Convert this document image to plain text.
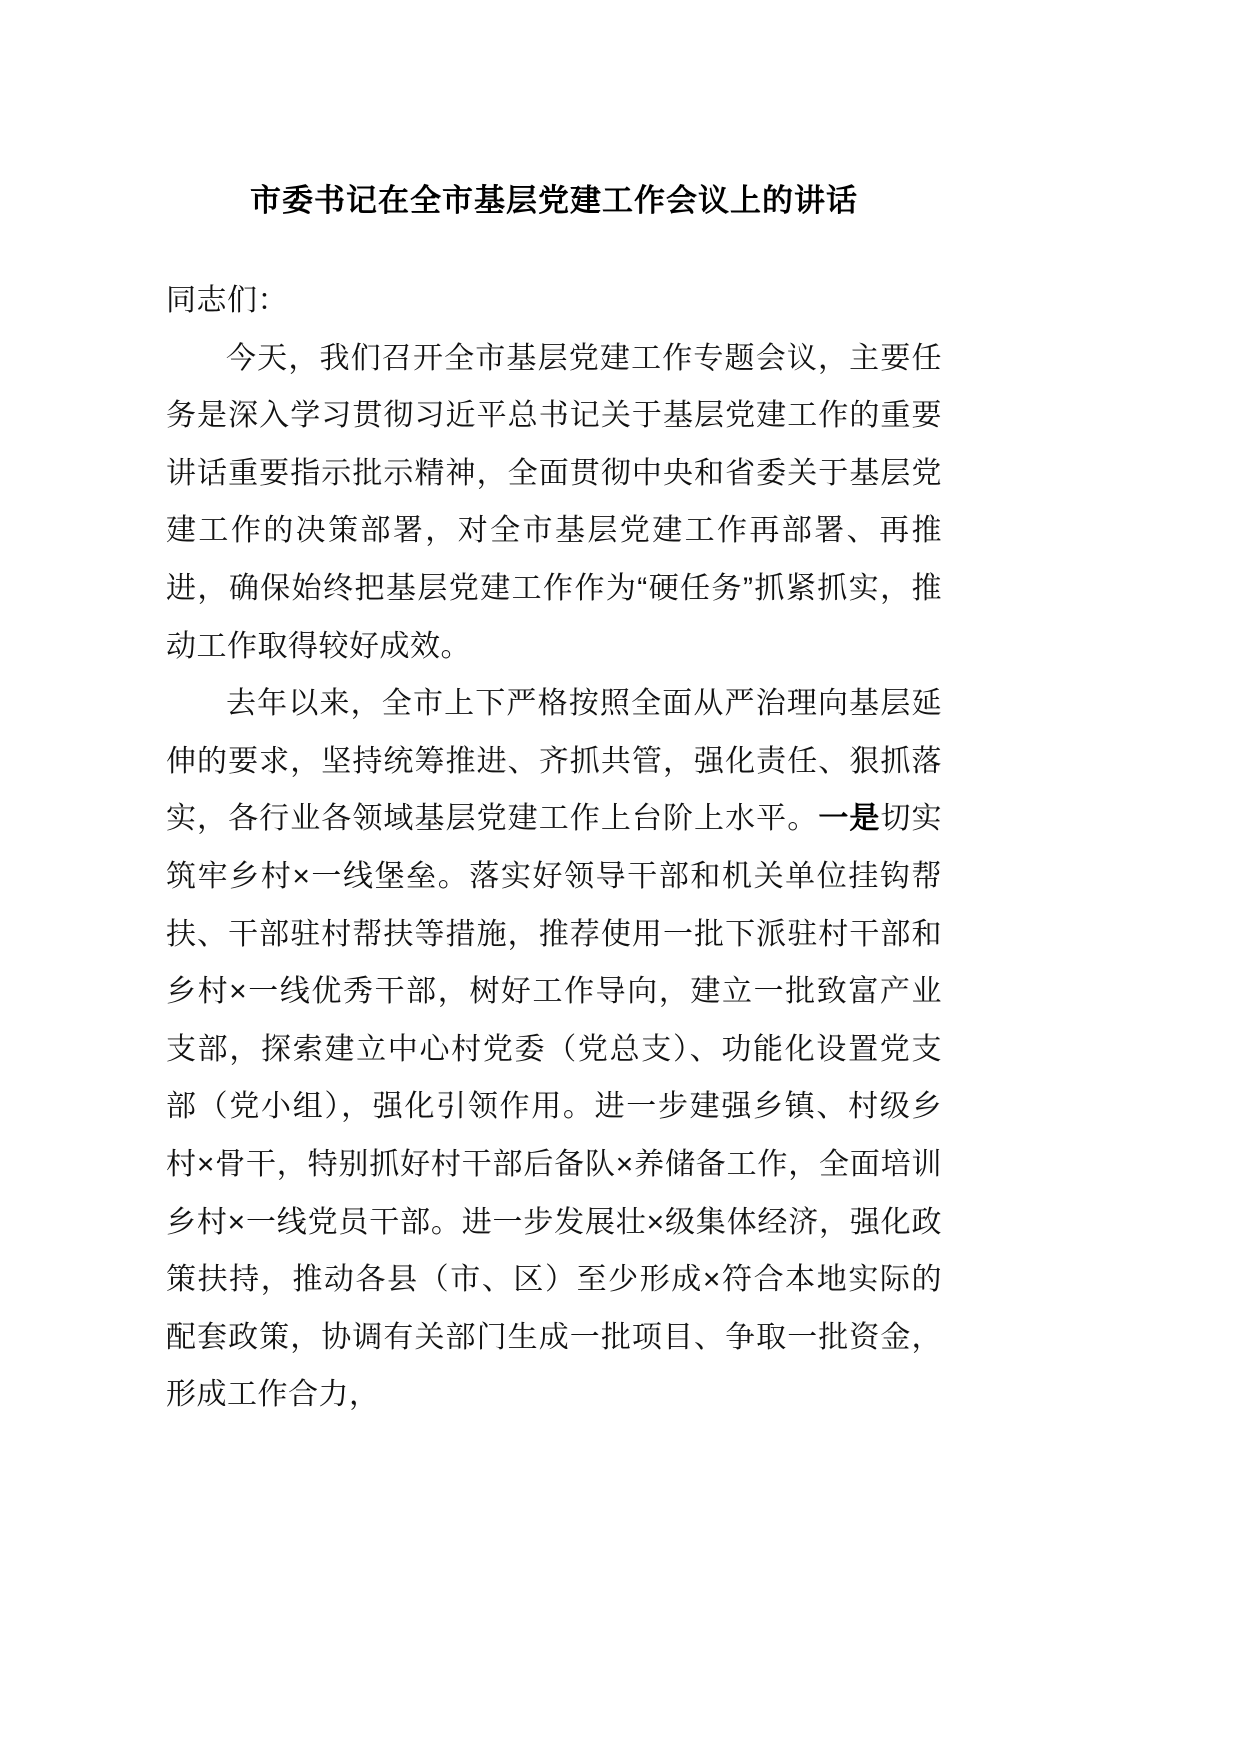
市委书记在全市基层党建工作会议上的讲话

同志们：

今天，我们召开全市基层党建工作专题会议，主要任务是深入学习贯彻习近平总书记关于基层党建工作的重要讲话重要指示批示精神，全面贯彻中央和省委关于基层党建工作的决策部署，对全市基层党建工作再部署、再推进，确保始终把基层党建工作作为“硬任务”抓紧抓实，推动工作取得较好成效。

去年以来，全市上下严格按照全面从严治理向基层延伸的要求，坚持统筹推进、齐抓共管，强化责任、狠抓落实，各行业各领域基层党建工作上台阶上水平。一是切实筑牢乡村×一线堡垒。落实好领导干部和机关单位挂钩帮扶、干部驻村帮扶等措施，推荐使用一批下派驻村干部和乡村×一线优秀干部，树好工作导向，建立一批致富产业支部，探索建立中心村党委（党总支）、功能化设置党支部（党小组），强化引领作用。进一步建强乡镇、村级乡村×骨干，特别抓好村干部后备队×养储备工作，全面培训乡村×一线党员干部。进一步发展壮×级集体经济，强化政策扶持，推动各县（市、区）至少形成×符合本地实际的配套政策，协调有关部门生成一批项目、争取一批资金，形成工作合力，
